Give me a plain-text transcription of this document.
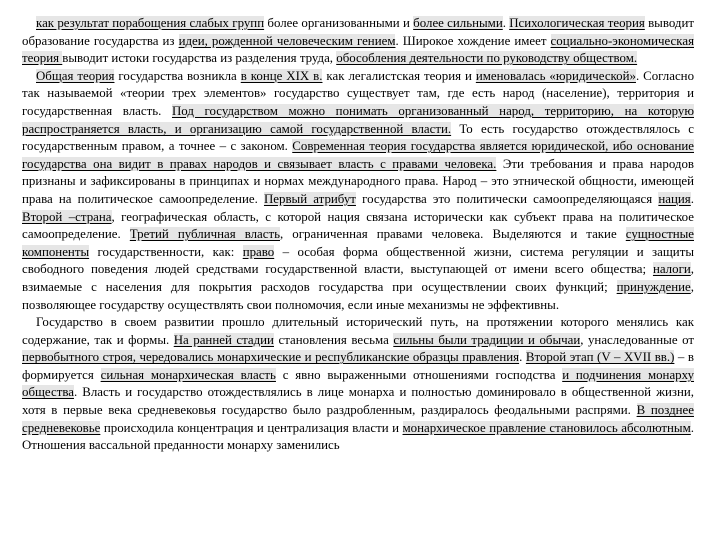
как результат порабощения слабых групп более организованными и более сильными. Психологическая теория выводит образование государства из идеи, рожденной человеческим гением. Широкое хождение имеет социально-экономическая теория выводит истоки государства из разделения труда, обособления деятельности по руководству обществом.

Общая теория государства возникла в конце XIX в. как легалистская теория и именовалась «юридической». Согласно так называемой «теории трех элементов» государство существует там, где есть народ (население), территория и государственная власть. Под государством можно понимать организованный народ, территорию, на которую распространяется власть, и организацию самой государственной власти. То есть государство отождествлялось с государственным правом, а точнее – с законом. Современная теория государства является юридической, ибо основание государства она видит в правах народов и связывает власть с правами человека. Эти требования и права народов признаны и зафиксированы в принципах и нормах международного права. Народ – это этнической общности, имеющей права на политическое самоопределение. Первый атрибут государства это политически самоопределяющаяся нация. Второй –страна, географическая область, с которой нация связана исторически как субъект права на политическое самоопределение. Третий публичная власть, ограниченная правами человека. Выделяются и такие сущностные компоненты государственности, как: право – особая форма общественной жизни, система регуляции и защиты свободного поведения людей средствами государственной власти, выступающей от имени всего общества; налоги, взимаемые с населения для покрытия расходов государства при осуществлении своих функций; принуждение, позволяющее государству осуществлять свои полномочия, если иные механизмы не эффективны.

Государство в своем развитии прошло длительный исторический путь, на протяжении которого менялись как содержание, так и формы. На ранней стадии становления весьма сильны были традиции и обычаи, унаследованные от первобытного строя, чередовались монархические и республиканские образцы правления. Второй этап (V – XVII вв.) – в формируется сильная монархическая власть с явно выраженными отношениями господства и подчинения монарху общества. Власть и государство отождествлялись в лице монарха и полностью доминировало в общественной жизни, хотя в первые века средневековья государство было раздробленным, раздиралось феодальными распрями. В позднее средневековье происходила концентрация и централизация власти и монархическое правление становилось абсолютным. Отношения вассальной преданности монарху заменились
